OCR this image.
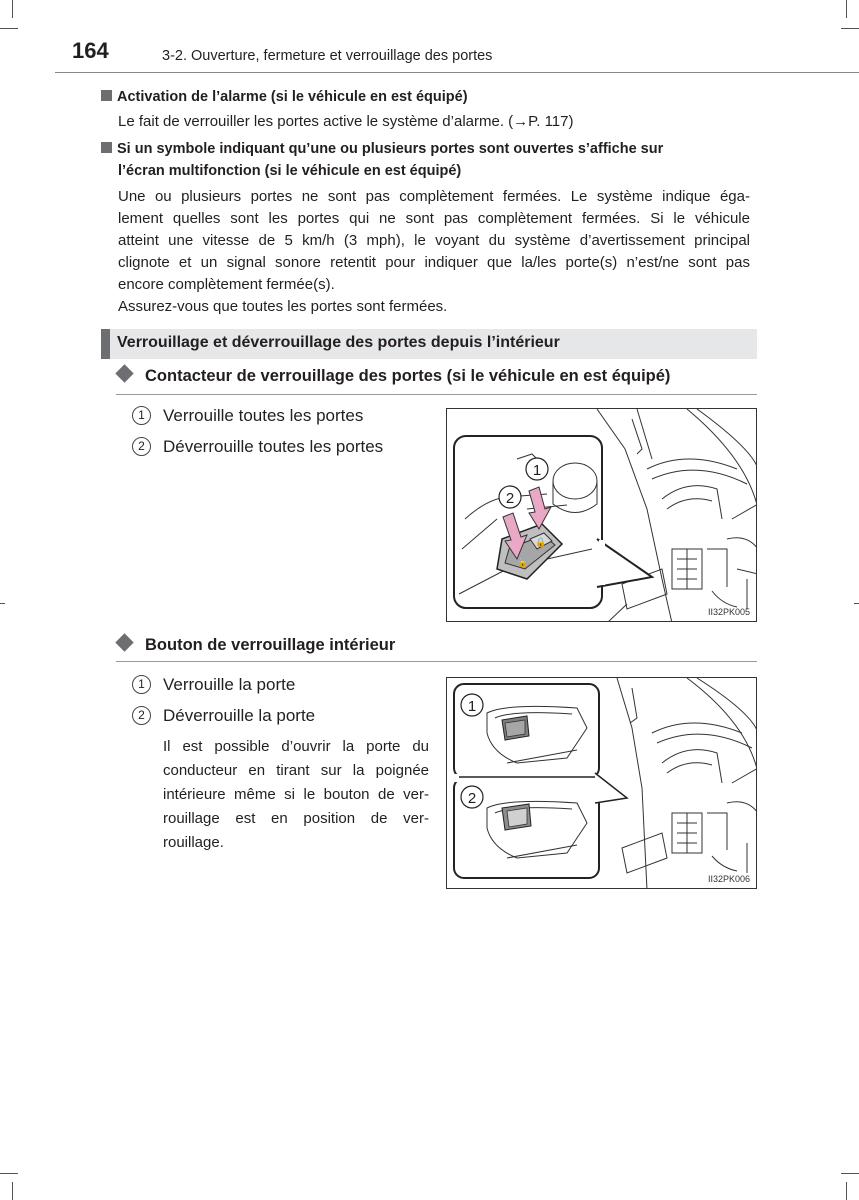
164	3-2. Ouverture, fermeture et verrouillage des portes
Activation de l’alarme (si le véhicule en est équipé)
Le fait de verrouiller les portes active le système d’alarme. (→P. 117)
Si un symbole indiquant qu’une ou plusieurs portes sont ouvertes s’affiche sur
l’écran multifonction (si le véhicule en est équipé)
Une ou plusieurs portes ne sont pas complètement fermées. Le système indique éga-
lement quelles sont les portes qui ne sont pas complètement fermées. Si le véhicule
atteint une vitesse de 5 km/h (3 mph), le voyant du système d’avertissement principal
clignote et un signal sonore retentit pour indiquer que la/les porte(s) n’est/ne sont pas
encore complètement fermée(s).
Assurez-vous que toutes les portes sont fermées.
Verrouillage et déverrouillage des portes depuis l’intérieur
Contacteur de verrouillage des portes (si le véhicule en est équipé)
1 Verrouille toutes les portes
2 Déverrouille toutes les portes
🔒
🔓
1
2
II32PK005
Bouton de verrouillage intérieur
1 Verrouille la porte
2 Déverrouille la porte
Il est possible d’ouvrir la porte du
conducteur en tirant sur la poignée
intérieure même si le bouton de ver-
rouillage est en position de ver-
rouillage.
1
2
II32PK006
